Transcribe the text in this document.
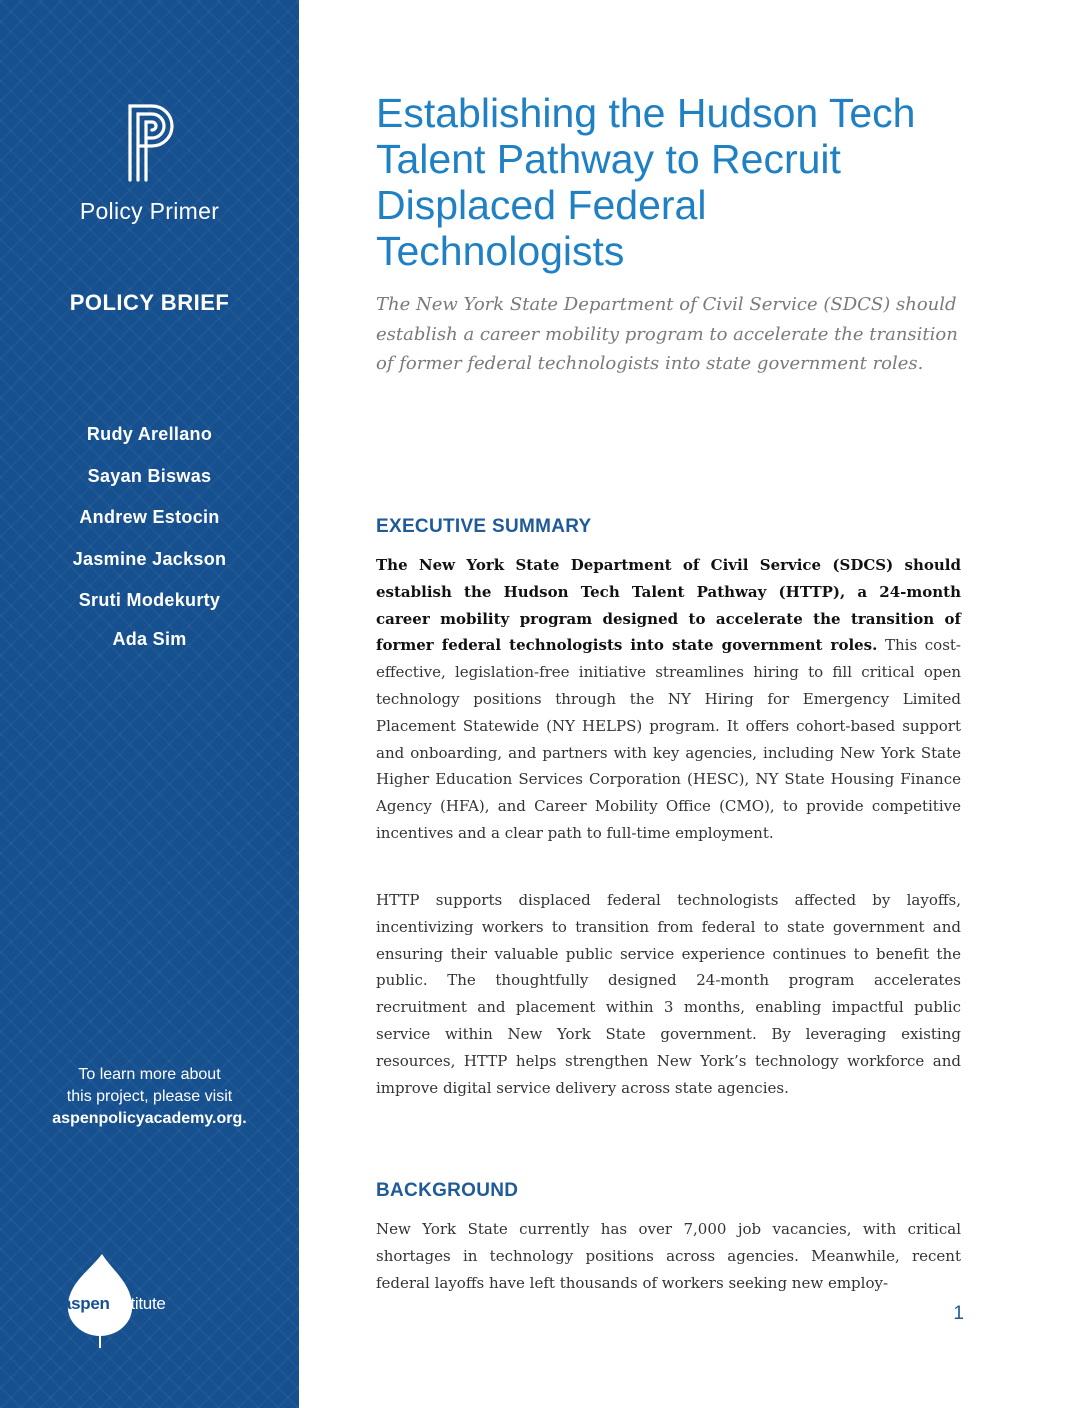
Policy Primer
POLICY BRIEF
Rudy Arellano
Sayan Biswas
Andrew Estocin
Jasmine Jackson
Sruti Modekurty
Ada Sim
To learn more about
this project, please visit
aspenpolicyacademy.org.
aspeninstitute
Establishing the Hudson Tech Talent Pathway to Recruit Displaced Federal Technologists

The New York State Department of Civil Service (SDCS) should establish a career mobility program to accelerate the transition of former federal technologists into state government roles.

EXECUTIVE SUMMARY

The New York State Department of Civil Service (SDCS) should establish the Hudson Tech Talent Pathway (HTTP), a 24-month career mobility program designed to accelerate the transition of former federal technologists into state government roles. This cost-effective, legislation-free initiative streamlines hiring to fill critical open technology positions through the NY Hiring for Emergency Limited Placement Statewide (NY HELPS) program. It offers cohort-based support and onboarding, and partners with key agencies, including New York State Higher Education Services Corporation (HESC), NY State Housing Finance Agency (HFA), and Career Mobility Office (CMO), to provide competitive incentives and a clear path to full-time employment.

HTTP supports displaced federal technologists affected by layoffs, incentivizing workers to transition from federal to state government and ensuring their valuable public service experience continues to benefit the public. The thoughtfully designed 24-month program accelerates recruitment and placement within 3 months, enabling impactful public service within New York State government. By leveraging existing resources, HTTP helps strengthen New York’s technology workforce and improve digital service delivery across state agencies.

BACKGROUND

New York State currently has over 7,000 job vacancies, with critical shortages in technology positions across agencies. Meanwhile, recent federal layoffs have left thousands of workers seeking new employ-

1
